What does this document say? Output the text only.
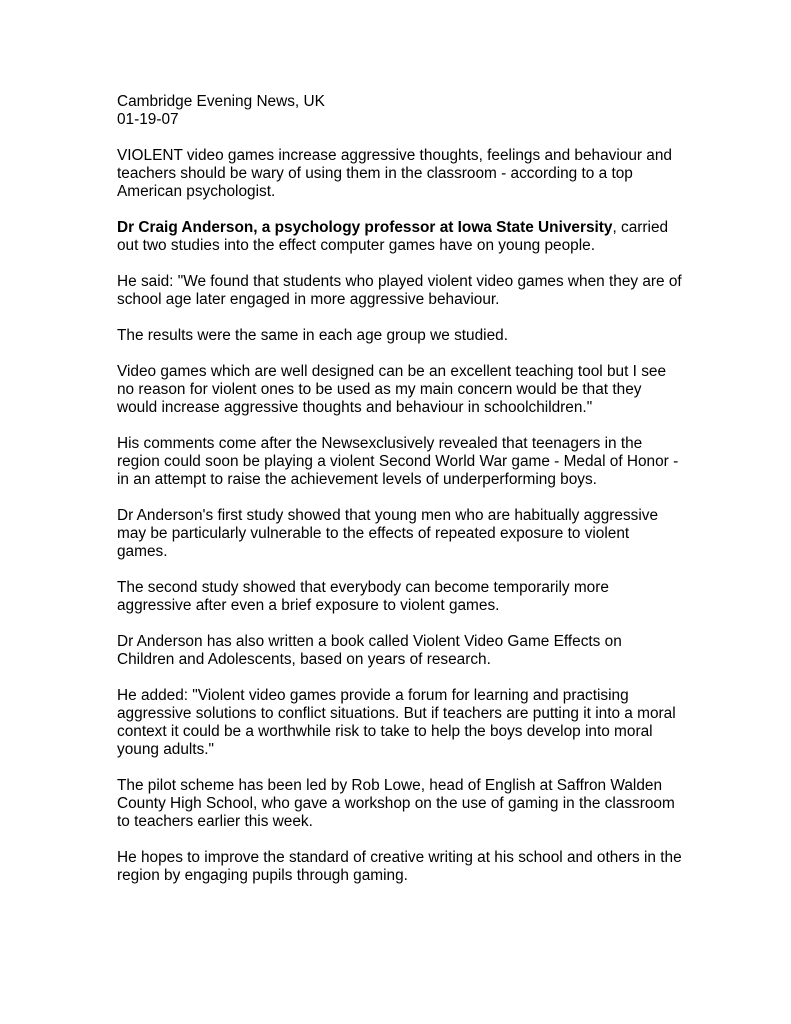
Cambridge Evening News, UK
01-19-07

VIOLENT video games increase aggressive thoughts, feelings and behaviour and teachers should be wary of using them in the classroom - according to a top American psychologist.

Dr Craig Anderson, a psychology professor at Iowa State University, carried out two studies into the effect computer games have on young people.

He said: "We found that students who played violent video games when they are of school age later engaged in more aggressive behaviour.

The results were the same in each age group we studied.

Video games which are well designed can be an excellent teaching tool but I see no reason for violent ones to be used as my main concern would be that they would increase aggressive thoughts and behaviour in schoolchildren."

His comments come after the Newsexclusively revealed that teenagers in the region could soon be playing a violent Second World War game - Medal of Honor - in an attempt to raise the achievement levels of underperforming boys.

Dr Anderson's first study showed that young men who are habitually aggressive may be particularly vulnerable to the effects of repeated exposure to violent games.

The second study showed that everybody can become temporarily more aggressive after even a brief exposure to violent games.

Dr Anderson has also written a book called Violent Video Game Effects on Children and Adolescents, based on years of research.

He added: "Violent video games provide a forum for learning and practising aggressive solutions to conflict situations. But if teachers are putting it into a moral context it could be a worthwhile risk to take to help the boys develop into moral young adults."

The pilot scheme has been led by Rob Lowe, head of English at Saffron Walden County High School, who gave a workshop on the use of gaming in the classroom to teachers earlier this week.

He hopes to improve the standard of creative writing at his school and others in the region by engaging pupils through gaming.
